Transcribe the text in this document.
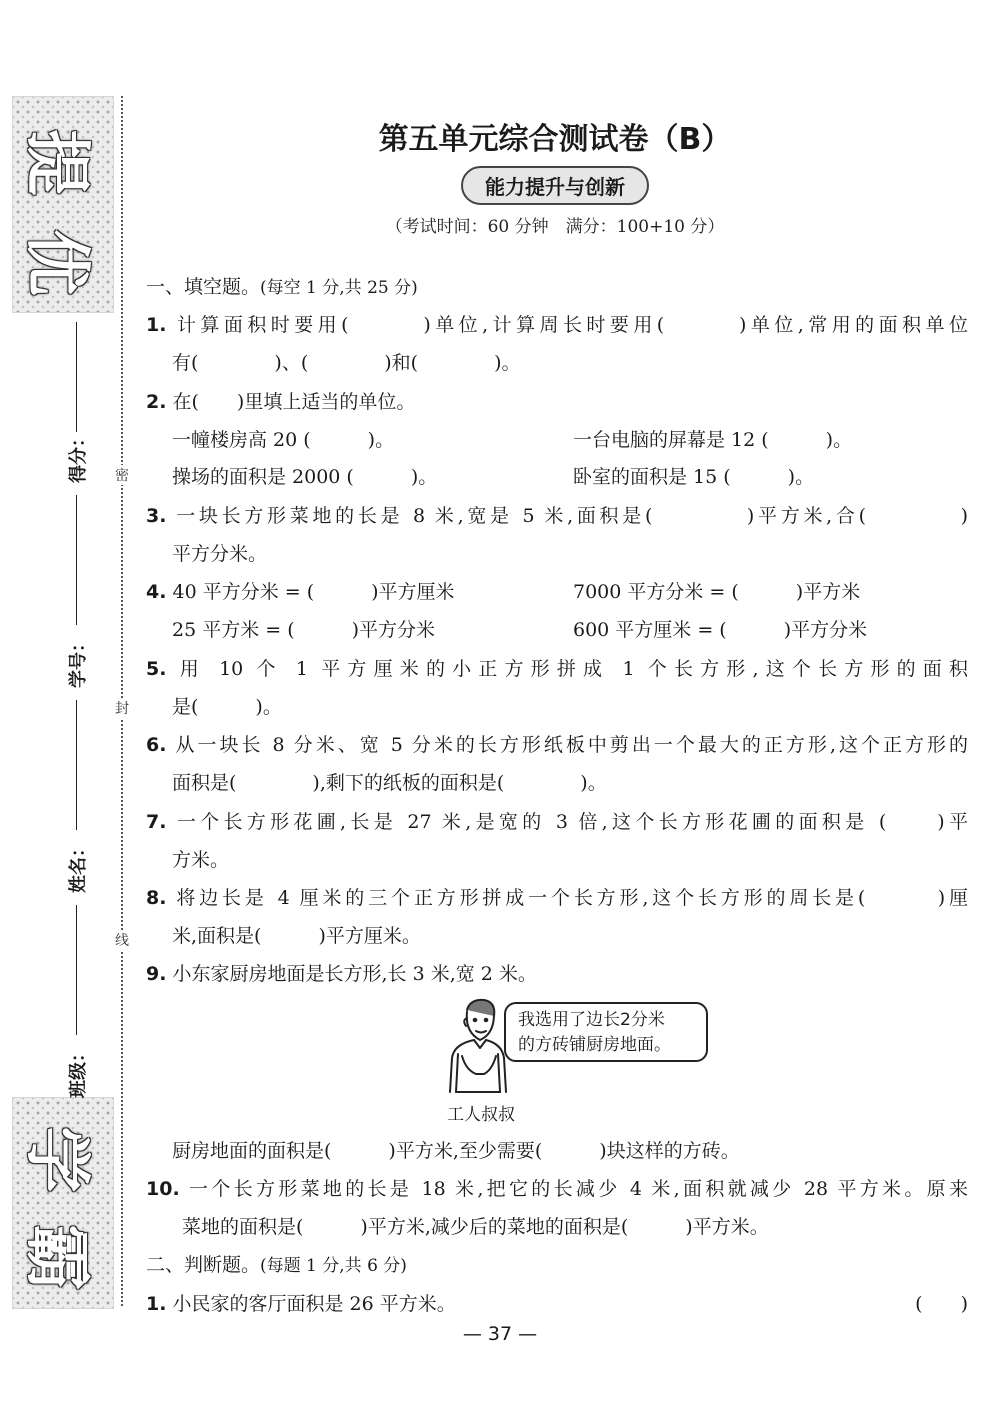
提
优
学
霸
得分：
学号：
姓名：
班级：
密
封
线
第五单元综合测试卷（B）
能力提升与创新
（考试时间：60 分钟　满分：100+10 分）
一、填空题。(每空 1 分,共 25 分)
1. 计算面积时要用(　　　)单位,计算周长时要用(　　　)单位,常用的面积单位
有(　　　　)、(　　　　)和(　　　　)。
2. 在(　　)里填上适当的单位。
一幢楼房高 20 (　　　)。	一台电脑的屏幕是 12 (　　　)。
操场的面积是 2000 (　　　)。	卧室的面积是 15 (　　　)。
3. 一块长方形菜地的长是 8 米,宽是 5 米,面积是(　　　　)平方米,合(　　　　)
平方分米。
4. 40 平方分米 = (　　　)平方厘米	7000 平方分米 = (　　　)平方米
25 平方米 = (　　　)平方分米	600 平方厘米 = (　　　)平方分米
5. 用 10 个 1 平方厘米的小正方形拼成 1 个长方形,这个长方形的面积
是(　　　)。
6. 从一块长 8 分米、宽 5 分米的长方形纸板中剪出一个最大的正方形,这个正方形的
面积是(　　　　),剩下的纸板的面积是(　　　　)。
7. 一个长方形花圃,长是 27 米,是宽的 3 倍,这个长方形花圃的面积是 (　　)平
方米。
8. 将边长是 4 厘米的三个正方形拼成一个长方形,这个长方形的周长是(　　　)厘
米,面积是(　　　)平方厘米。
9. 小东家厨房地面是长方形,长 3 米,宽 2 米。
我选用了边长2分米
的方砖铺厨房地面。
工人叔叔
厨房地面的面积是(　　　)平方米,至少需要(　　　)块这样的方砖。
10. 一个长方形菜地的长是 18 米,把它的长减少 4 米,面积就减少 28 平方米。原来
菜地的面积是(　　　)平方米,减少后的菜地的面积是(　　　)平方米。
二、判断题。(每题 1 分,共 6 分)
1. 小民家的客厅面积是 26 平方米。	(　　)
— 37 —
